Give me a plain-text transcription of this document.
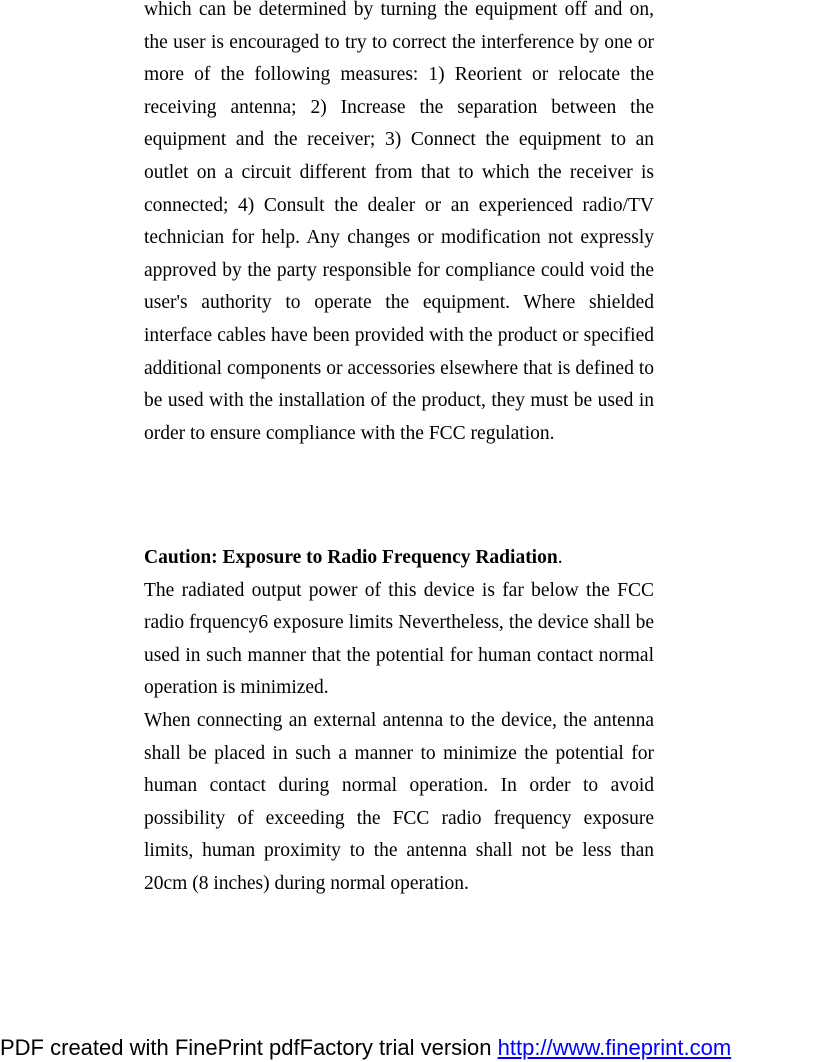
which can be determined by turning the equipment off and on, the user is encouraged to try to correct the interference by one or more of the following measures: 1) Reorient or relocate the receiving antenna; 2) Increase the separation between the equipment and the receiver; 3) Connect the equipment to an outlet on a circuit different from that to which the receiver is connected; 4) Consult the dealer or an experienced radio/TV technician for help. Any changes or modification not expressly approved by the party responsible for compliance could void the user's authority to operate the equipment. Where shielded interface cables have been provided with the product or specified additional components or accessories elsewhere that is defined to be used with the installation of the product, they must be used in order to ensure compliance with the FCC regulation.

Caution: Exposure to Radio Frequency Radiation.

The radiated output power of this device is far below the FCC radio frquency6 exposure limits Nevertheless, the device shall be used in such manner that the potential for human contact normal operation is minimized.

When connecting an external antenna to the device, the antenna shall be placed in such a manner to minimize the potential for human contact during normal operation. In order to avoid possibility of exceeding the FCC radio frequency exposure limits, human proximity to the antenna shall not be less than 20cm (8 inches) during normal operation.

PDF created with FinePrint pdfFactory trial version http://www.fineprint.com
